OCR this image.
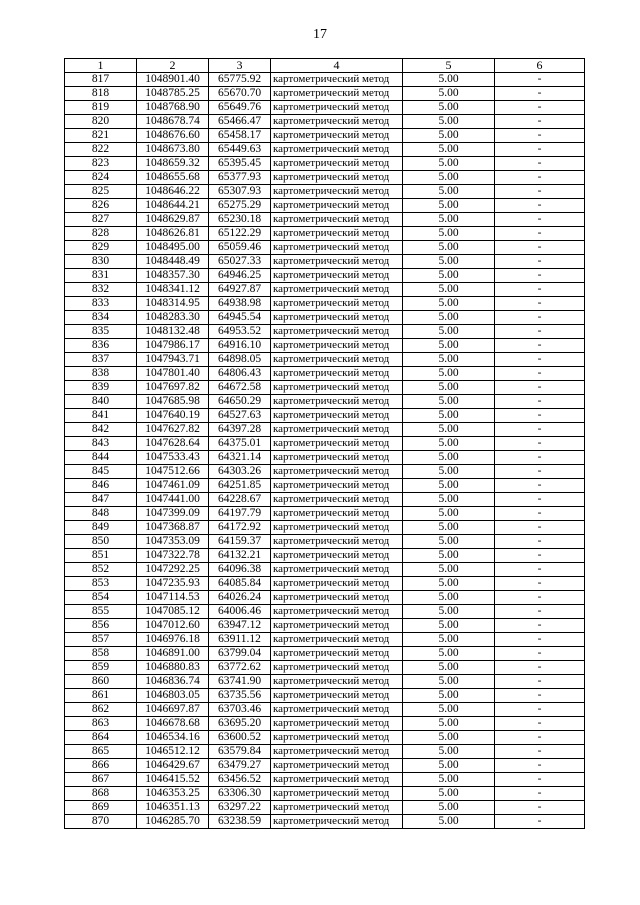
17
1	2	3	4	5	6
817	1048901.40	65775.92	картометрический метод	5.00	-
818	1048785.25	65670.70	картометрический метод	5.00	-
819	1048768.90	65649.76	картометрический метод	5.00	-
820	1048678.74	65466.47	картометрический метод	5.00	-
821	1048676.60	65458.17	картометрический метод	5.00	-
822	1048673.80	65449.63	картометрический метод	5.00	-
823	1048659.32	65395.45	картометрический метод	5.00	-
824	1048655.68	65377.93	картометрический метод	5.00	-
825	1048646.22	65307.93	картометрический метод	5.00	-
826	1048644.21	65275.29	картометрический метод	5.00	-
827	1048629.87	65230.18	картометрический метод	5.00	-
828	1048626.81	65122.29	картометрический метод	5.00	-
829	1048495.00	65059.46	картометрический метод	5.00	-
830	1048448.49	65027.33	картометрический метод	5.00	-
831	1048357.30	64946.25	картометрический метод	5.00	-
832	1048341.12	64927.87	картометрический метод	5.00	-
833	1048314.95	64938.98	картометрический метод	5.00	-
834	1048283.30	64945.54	картометрический метод	5.00	-
835	1048132.48	64953.52	картометрический метод	5.00	-
836	1047986.17	64916.10	картометрический метод	5.00	-
837	1047943.71	64898.05	картометрический метод	5.00	-
838	1047801.40	64806.43	картометрический метод	5.00	-
839	1047697.82	64672.58	картометрический метод	5.00	-
840	1047685.98	64650.29	картометрический метод	5.00	-
841	1047640.19	64527.63	картометрический метод	5.00	-
842	1047627.82	64397.28	картометрический метод	5.00	-
843	1047628.64	64375.01	картометрический метод	5.00	-
844	1047533.43	64321.14	картометрический метод	5.00	-
845	1047512.66	64303.26	картометрический метод	5.00	-
846	1047461.09	64251.85	картометрический метод	5.00	-
847	1047441.00	64228.67	картометрический метод	5.00	-
848	1047399.09	64197.79	картометрический метод	5.00	-
849	1047368.87	64172.92	картометрический метод	5.00	-
850	1047353.09	64159.37	картометрический метод	5.00	-
851	1047322.78	64132.21	картометрический метод	5.00	-
852	1047292.25	64096.38	картометрический метод	5.00	-
853	1047235.93	64085.84	картометрический метод	5.00	-
854	1047114.53	64026.24	картометрический метод	5.00	-
855	1047085.12	64006.46	картометрический метод	5.00	-
856	1047012.60	63947.12	картометрический метод	5.00	-
857	1046976.18	63911.12	картометрический метод	5.00	-
858	1046891.00	63799.04	картометрический метод	5.00	-
859	1046880.83	63772.62	картометрический метод	5.00	-
860	1046836.74	63741.90	картометрический метод	5.00	-
861	1046803.05	63735.56	картометрический метод	5.00	-
862	1046697.87	63703.46	картометрический метод	5.00	-
863	1046678.68	63695.20	картометрический метод	5.00	-
864	1046534.16	63600.52	картометрический метод	5.00	-
865	1046512.12	63579.84	картометрический метод	5.00	-
866	1046429.67	63479.27	картометрический метод	5.00	-
867	1046415.52	63456.52	картометрический метод	5.00	-
868	1046353.25	63306.30	картометрический метод	5.00	-
869	1046351.13	63297.22	картометрический метод	5.00	-
870	1046285.70	63238.59	картометрический метод	5.00	-
